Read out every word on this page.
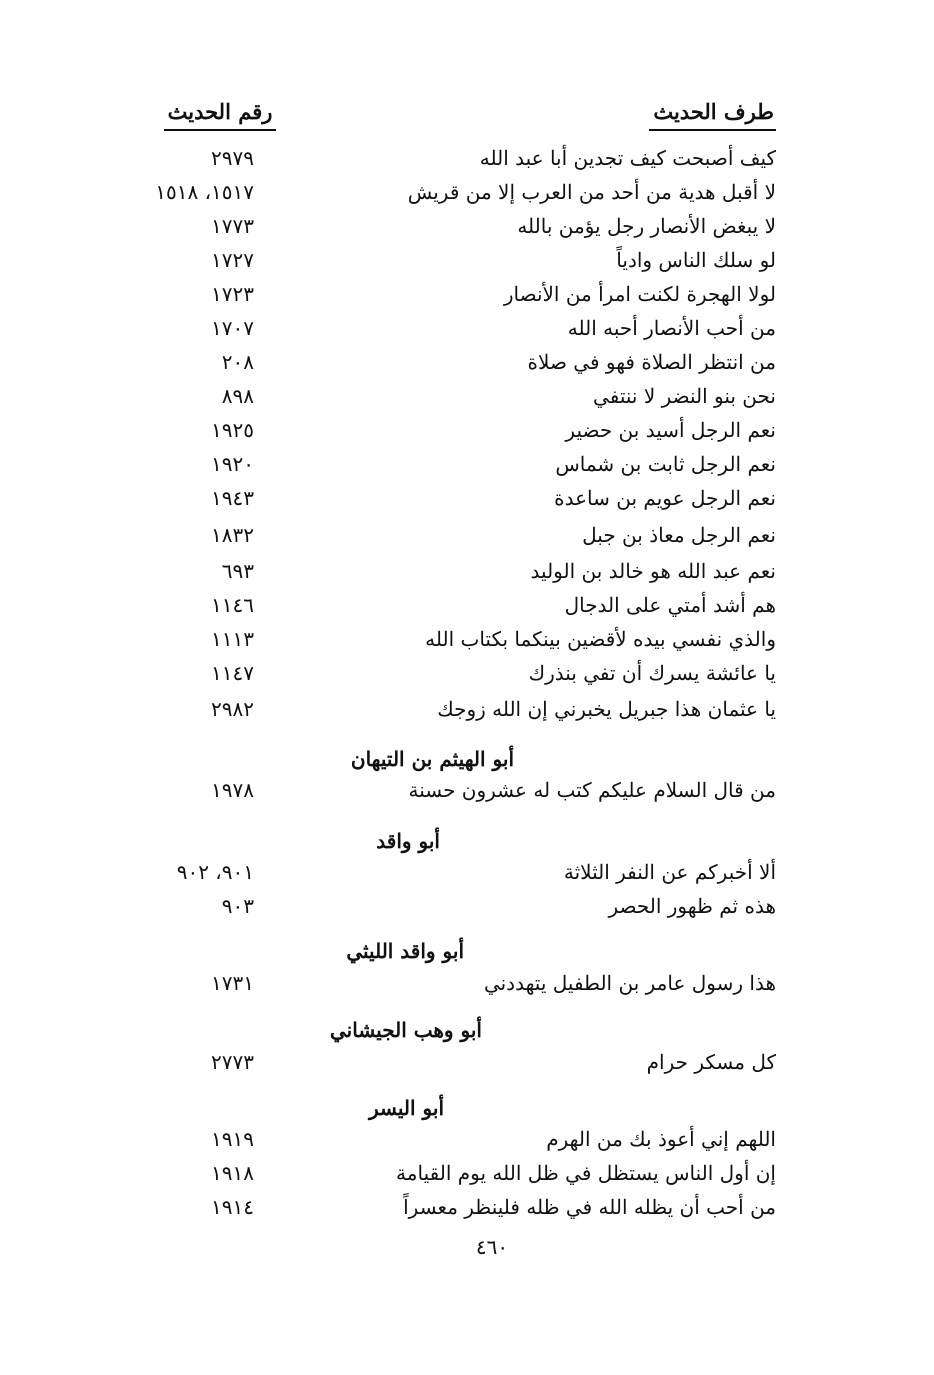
طرف الحديث
رقم الحديث
كيف أصبحت كيف تجدين أبا عبد الله
٢٩٧٩
لا أقبل هدية من أحد من العرب إلا من قريش
١٥١٧، ١٥١٨
لا يبغض الأنصار رجل يؤمن بالله
١٧٧٣
لو سلك الناس وادياً
١٧٢٧
لولا الهجرة لكنت امرأ من الأنصار
١٧٢٣
من أحب الأنصار أحبه الله
١٧٠٧
من انتظر الصلاة فهو في صلاة
٢٠٨
نحن بنو النضر لا ننتفي
٨٩٨
نعم الرجل أسيد بن حضير
١٩٢٥
نعم الرجل ثابت بن شماس
١٩٢٠
نعم الرجل عويم بن ساعدة
١٩٤٣
نعم الرجل معاذ بن جبل
١٨٣٢
نعم عبد الله هو خالد بن الوليد
٦٩٣
هم أشد أمتي على الدجال
١١٤٦
والذي نفسي بيده لأقضين بينكما بكتاب الله
١١١٣
يا عائشة يسرك أن تفي بنذرك
١١٤٧
يا عثمان هذا جبريل يخبرني إن الله زوجك
٢٩٨٢
أبو الهيثم بن التيهان
من قال السلام عليكم كتب له عشرون حسنة
١٩٧٨
أبو واقد
ألا أخبركم عن النفر الثلاثة
٩٠١، ٩٠٢
هذه ثم ظهور الحصر
٩٠٣
أبو واقد الليثي
هذا رسول عامر بن الطفيل يتهددني
١٧٣١
أبو وهب الجيشاني
كل مسكر حرام
٢٧٧٣
أبو اليسر
اللهم إني أعوذ بك من الهرم
١٩١٩
إن أول الناس يستظل في ظل الله يوم القيامة
١٩١٨
من أحب أن يظله الله في ظله فلينظر معسراً
١٩١٤
٤٦٠
